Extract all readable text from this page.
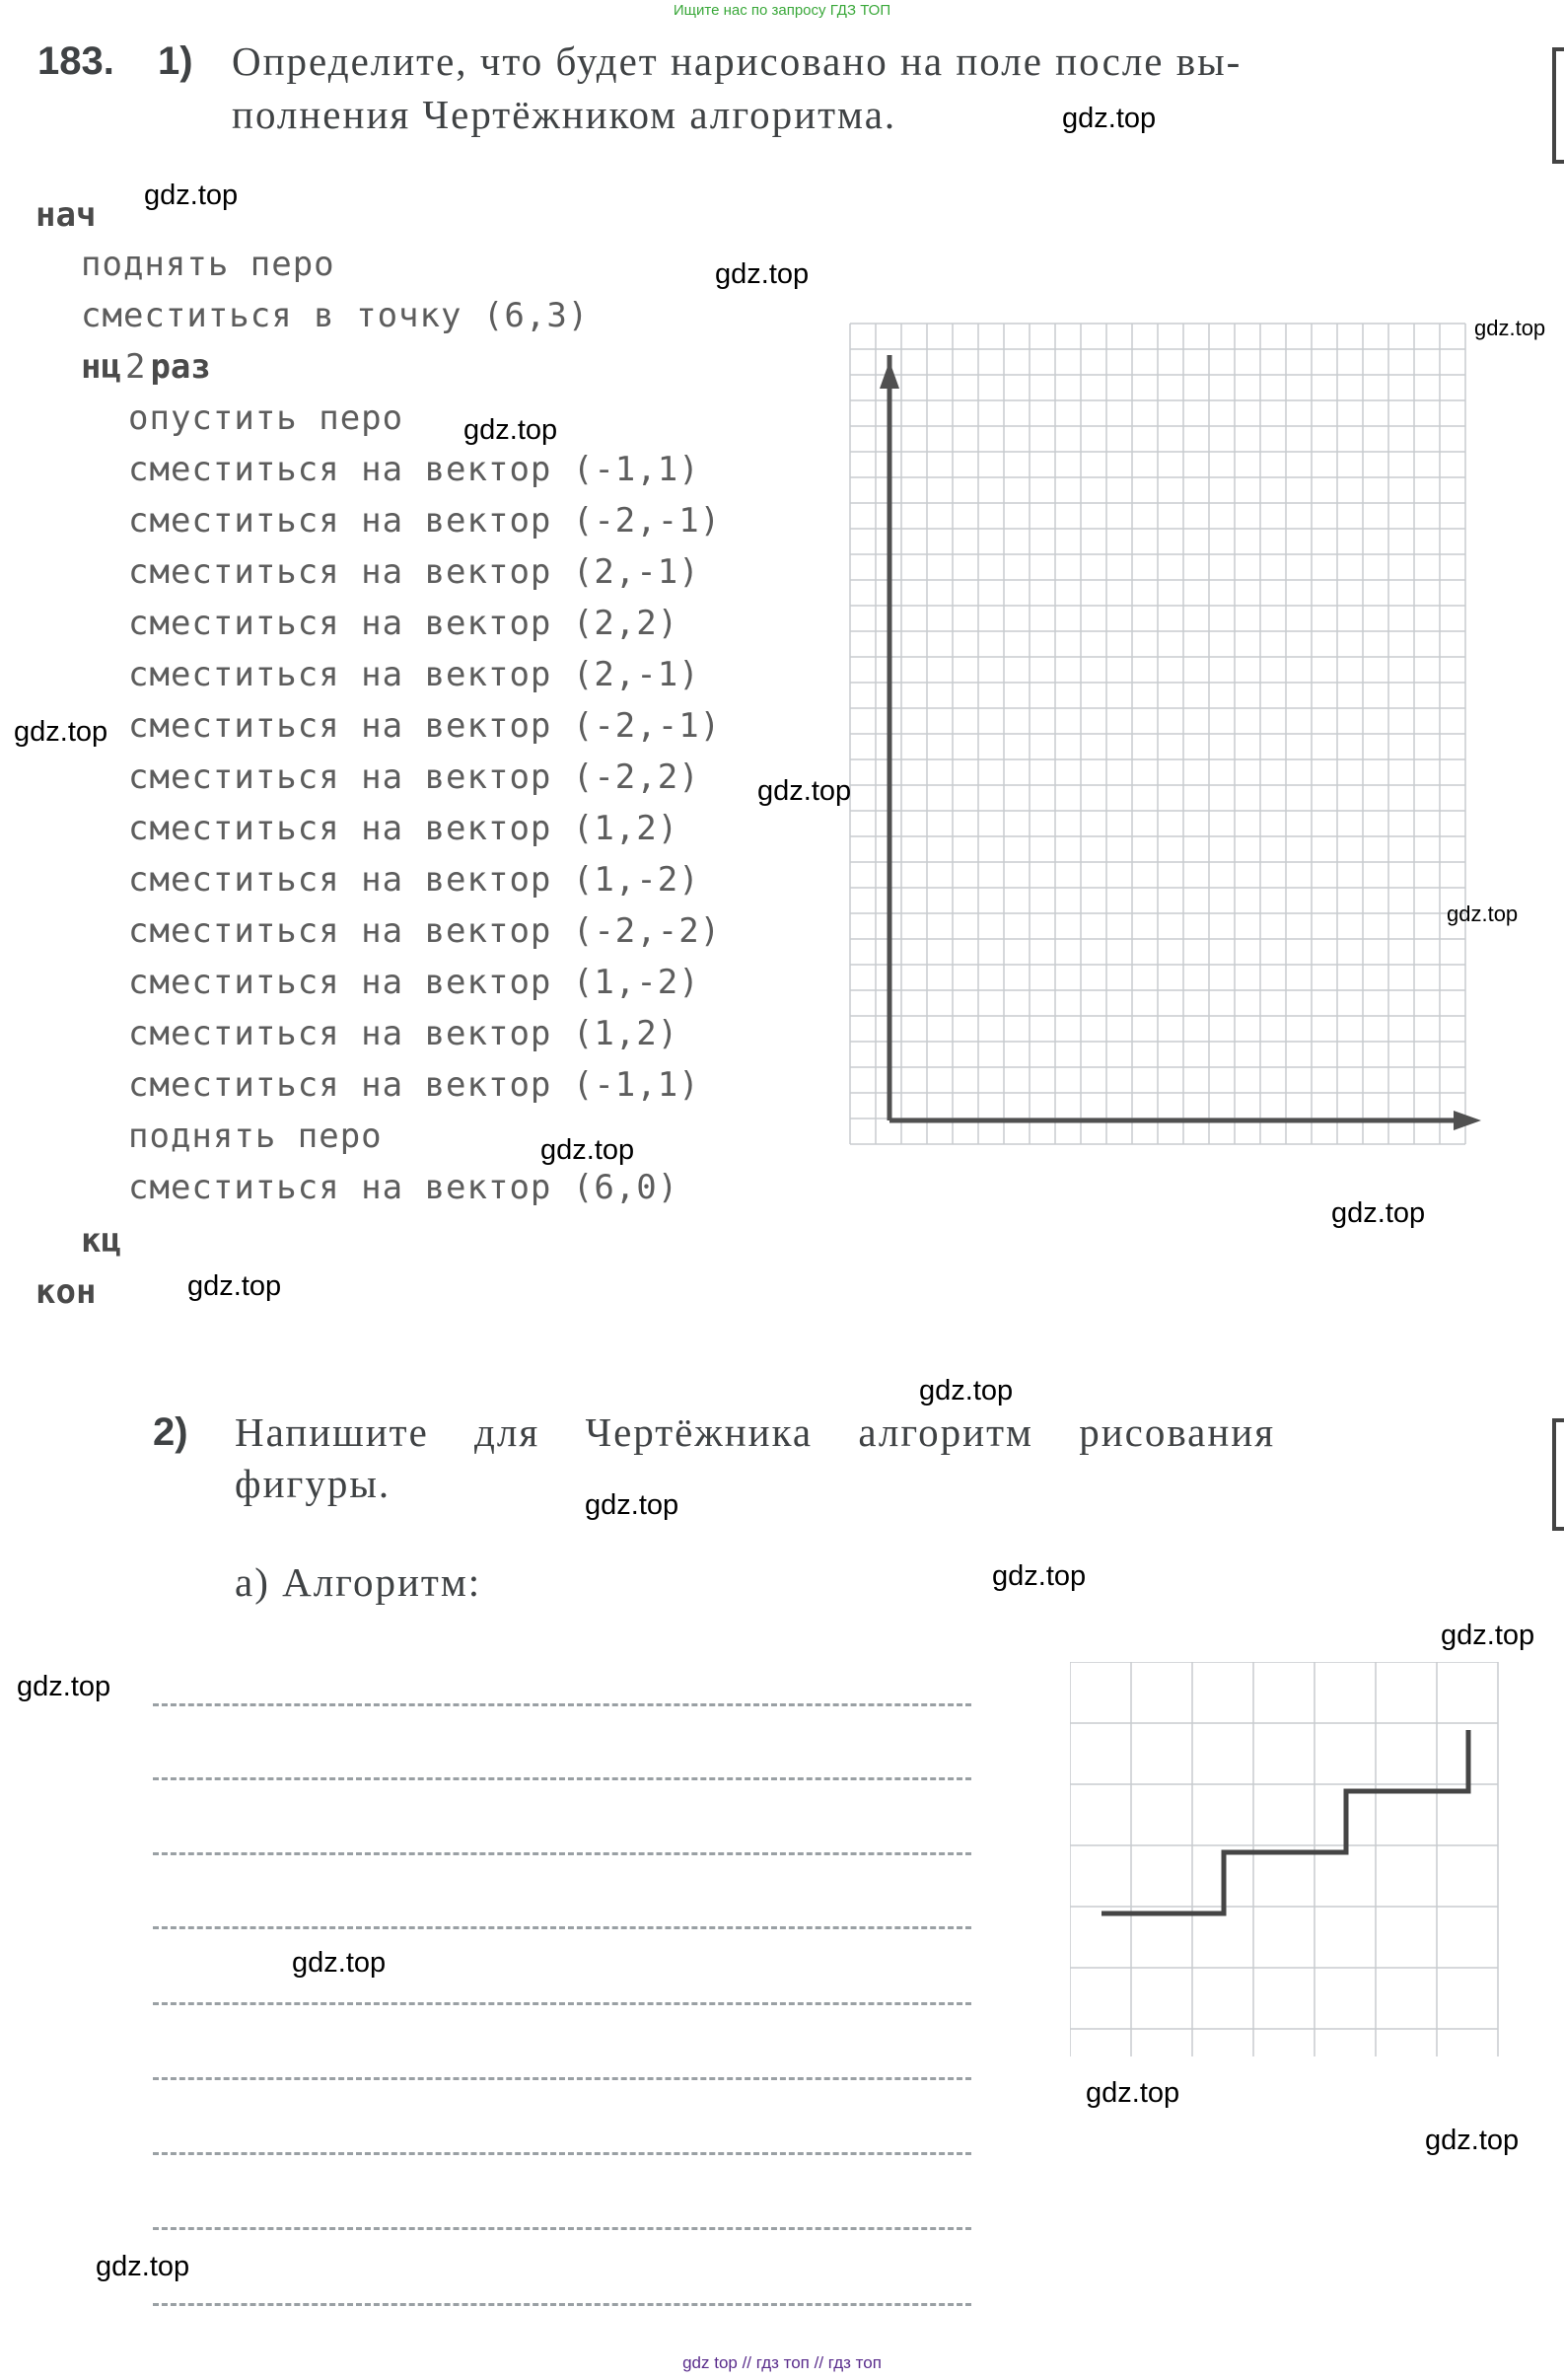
Ищите нас по запросу ГДЗ ТОП
183. 1) Определите, что будет нарисовано на поле после вы-
полнения Чертёжником алгоритма.
нач
поднять перо
сместиться в точку (6,3)
нц 2 раз
опустить перо
сместиться на вектор (-1,1)
сместиться на вектор (-2,-1)
сместиться на вектор (2,-1)
сместиться на вектор (2,2)
сместиться на вектор (2,-1)
сместиться на вектор (-2,-1)
сместиться на вектор (-2,2)
сместиться на вектор (1,2)
сместиться на вектор (1,-2)
сместиться на вектор (-2,-2)
сместиться на вектор (1,-2)
сместиться на вектор (1,2)
сместиться на вектор (-1,1)
поднять перо
сместиться на вектор (6,0)
кц
кон
2) Напишите для Чертёжника алгоритм рисования
фигуры.
а) Алгоритм:
gdz.top
gdz.top
gdz.top
gdz.top
gdz.top
gdz.top
gdz.top
gdz.top
gdz.top
gdz.top
gdz.top
gdz.top
gdz.top
gdz.top
gdz.top
gdz.top
gdz.top
gdz.top
gdz.top
gdz.top
gdz top // гдз топ // гдз топ
